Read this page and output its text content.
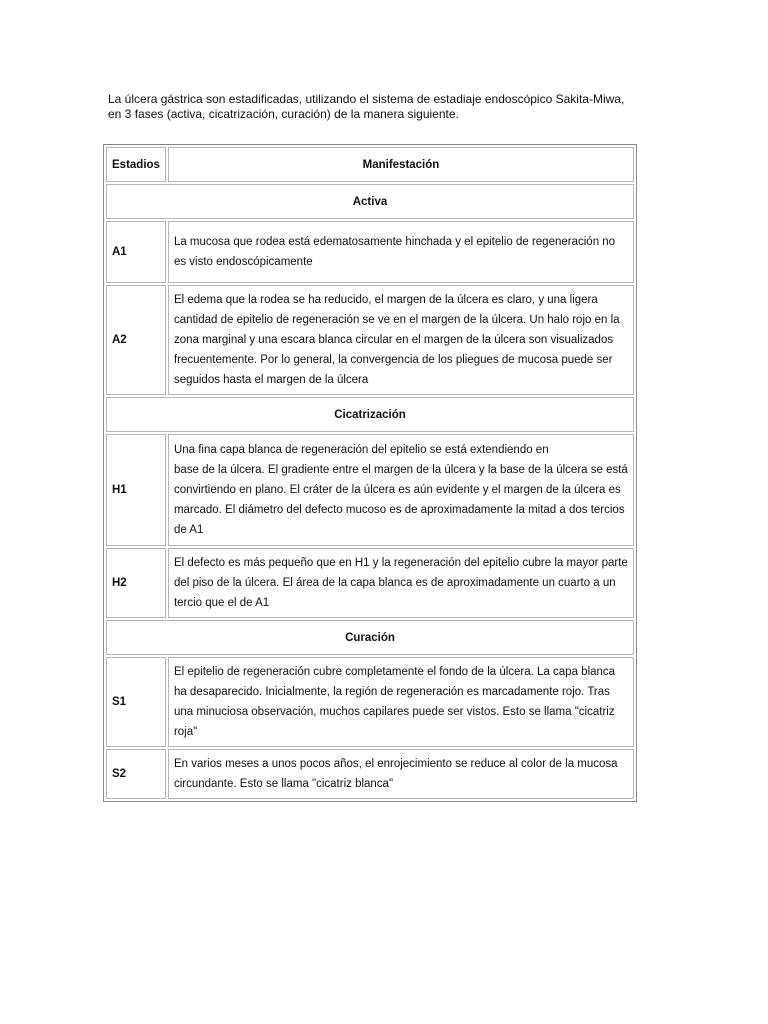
La úlcera gástrica son estadificadas, utilizando el sistema de estadiaje endoscópico Sakita-Miwa, en 3 fases (activa, cicatrización, curación) de la manera siguiente.

Estadios	Manifestación
Activa	
A1	La mucosa que rodea está edematosamente hinchada y el epitelio de regeneración no es visto endoscópicamente
A2	El edema que la rodea se ha reducido, el margen de la úlcera es claro, y una ligera cantidad de epitelio de regeneración se ve en el margen de la úlcera. Un halo rojo en la zona marginal y una escara blanca circular en el margen de la úlcera son visualizados frecuentemente. Por lo general, la convergencia de los pliegues de mucosa puede ser seguidos hasta el margen de la úlcera
Cicatrización	
H1	Una fina capa blanca de regeneración del epitelio se está extendiendo en
base de la úlcera. El gradiente entre el margen de la úlcera y la base de la úlcera se está convirtiendo en plano. El cráter de la úlcera es aún evidente y el margen de la úlcera es marcado. El diámetro del defecto mucoso es de aproximadamente la mitad a dos tercios de A1
H2	El defecto es más pequeño que en H1 y la regeneración del epitelio cubre la mayor parte del piso de la úlcera. El área de la capa blanca es de aproximadamente un cuarto a un tercio que el de A1
Curación	
S1	El epitelio de regeneración cubre completamente el fondo de la úlcera. La capa blanca ha desaparecido. Inicialmente, la región de regeneración es marcadamente rojo. Tras una minuciosa observación, muchos capilares puede ser vistos. Esto se llama "cicatriz roja"
S2	En varios meses a unos pocos años, el enrojecimiento se reduce al color de la mucosa circundante. Esto se llama "cicatriz blanca"
